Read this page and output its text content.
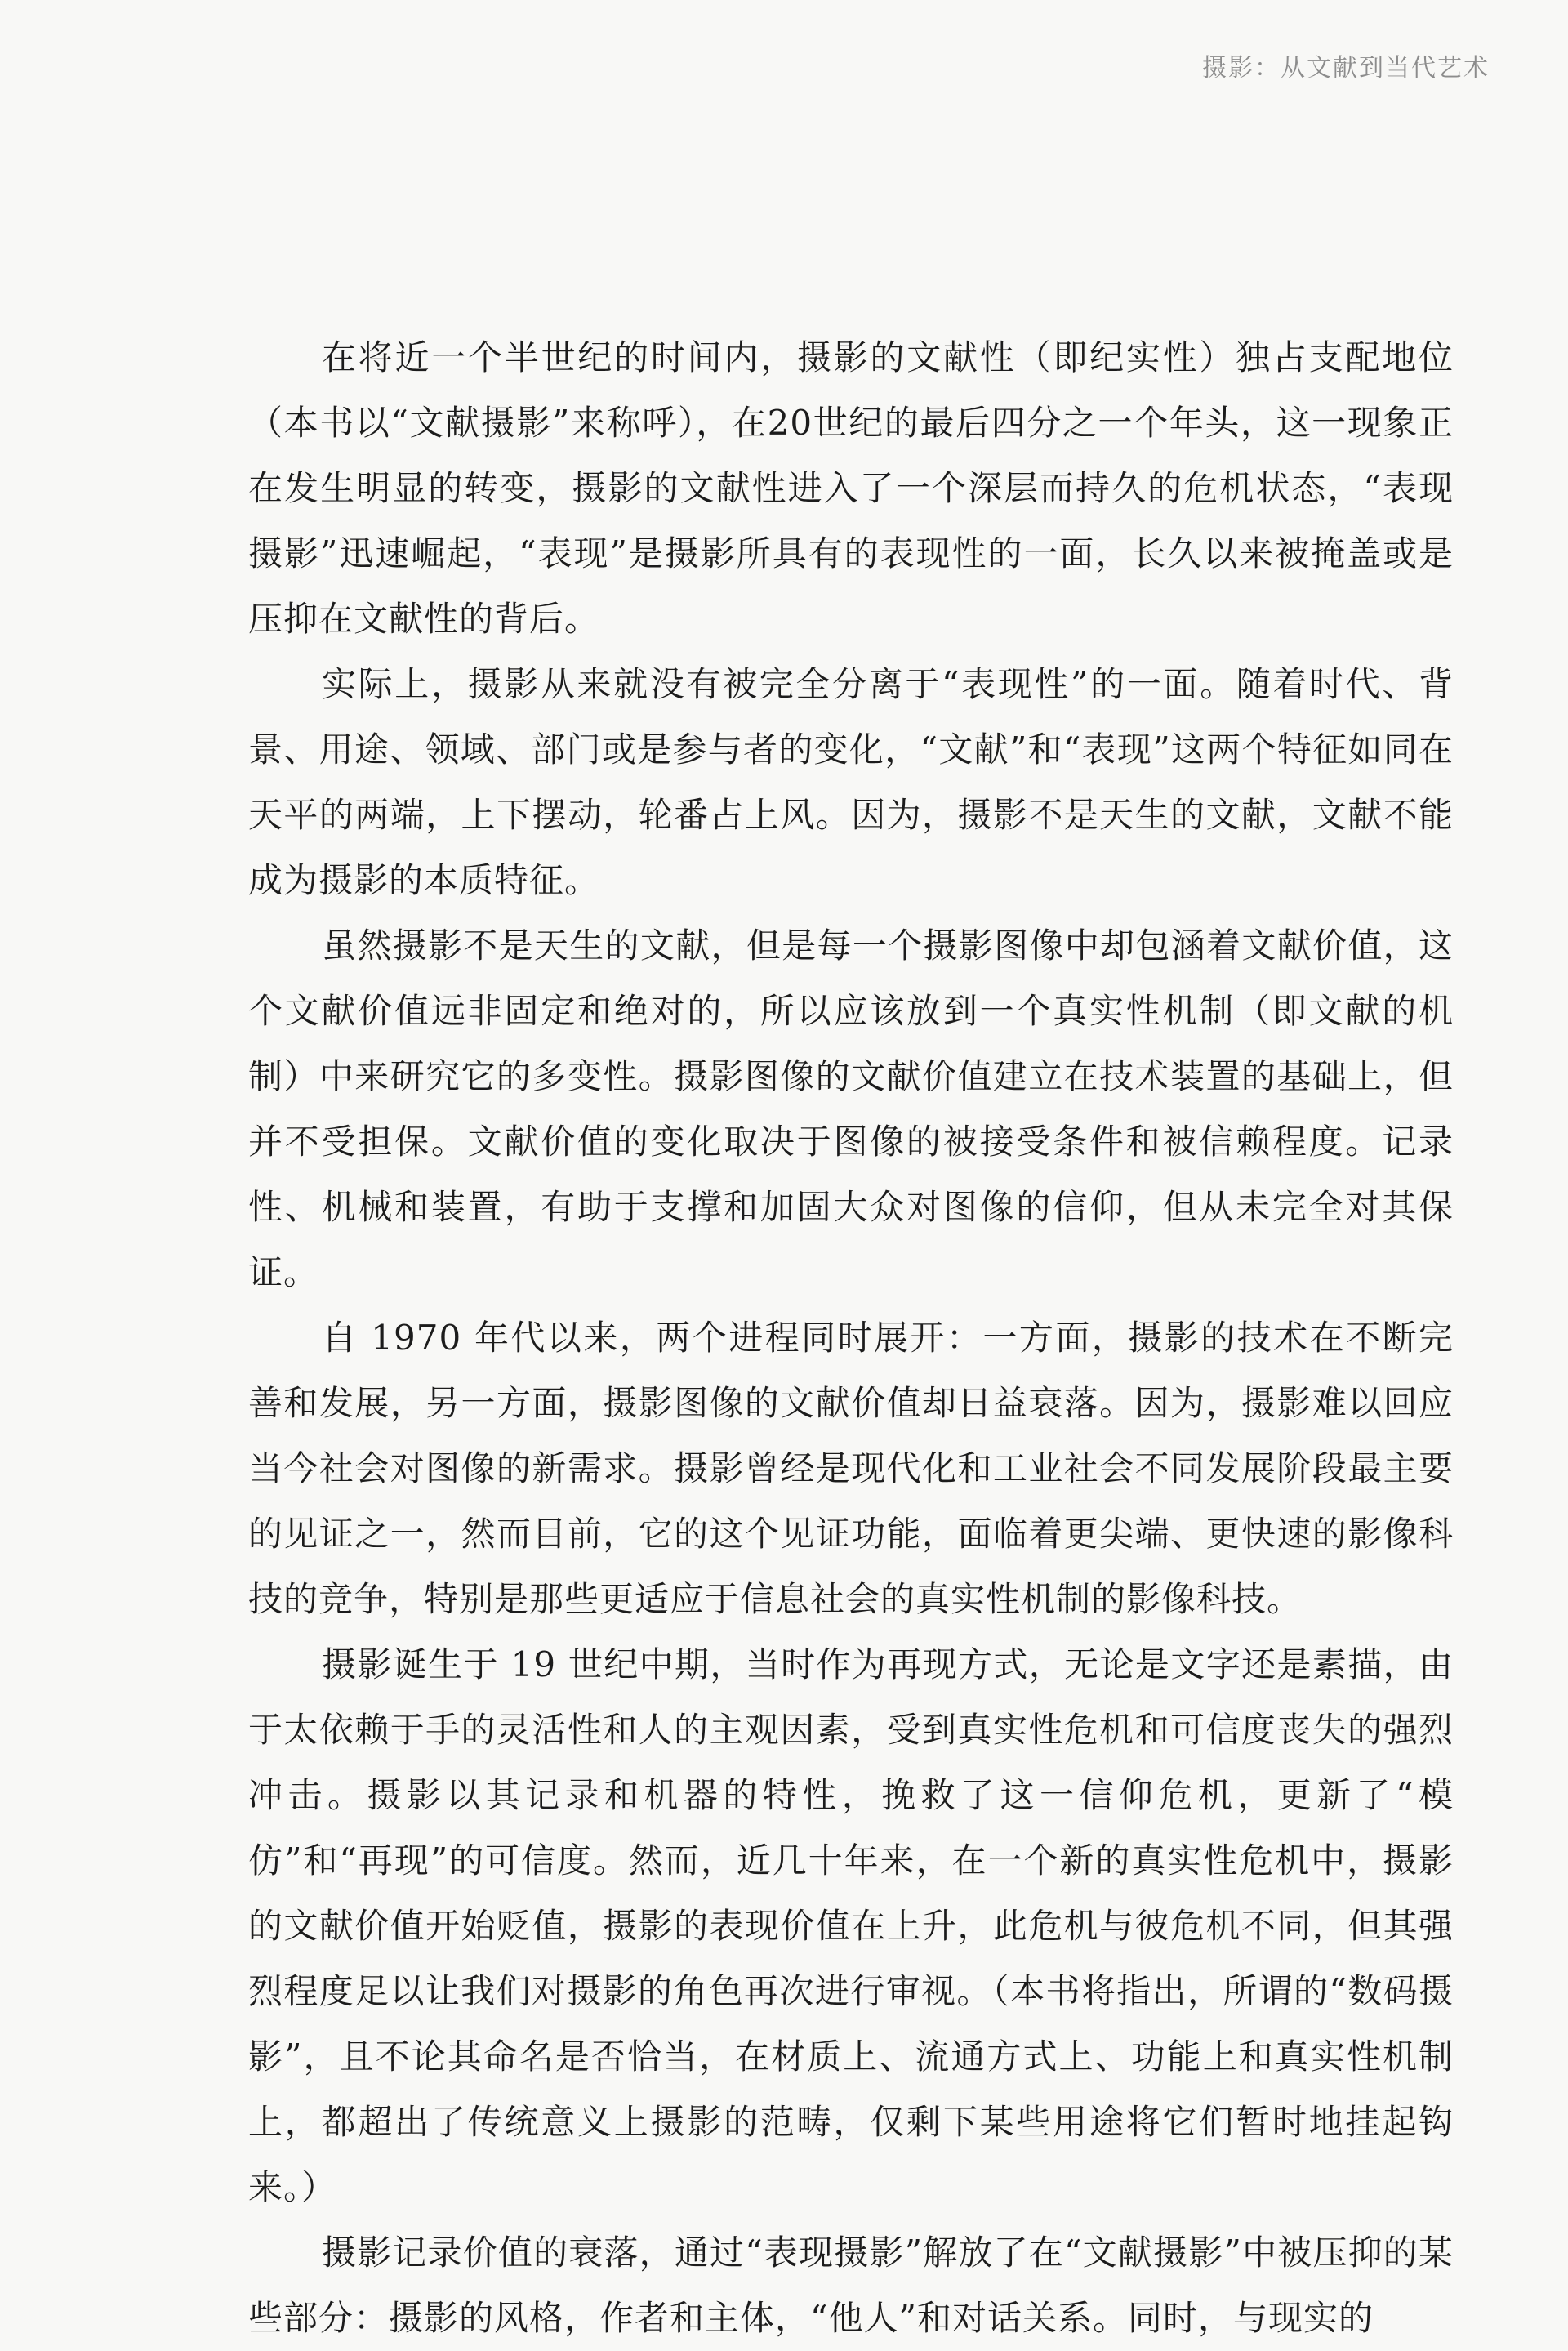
摄影：从文献到当代艺术

在将近一个半世纪的时间内，摄影的文献性（即纪实性）独占支配地位（本书以“文献摄影”来称呼），在20世纪的最后四分之一个年头，这一现象正在发生明显的转变，摄影的文献性进入了一个深层而持久的危机状态，“表现摄影”迅速崛起，“表现”是摄影所具有的表现性的一面，长久以来被掩盖或是压抑在文献性的背后。

实际上，摄影从来就没有被完全分离于“表现性”的一面。随着时代、背景、用途、领域、部门或是参与者的变化，“文献”和“表现”这两个特征如同在天平的两端，上下摆动，轮番占上风。因为，摄影不是天生的文献，文献不能成为摄影的本质特征。

虽然摄影不是天生的文献，但是每一个摄影图像中却包涵着文献价值，这个文献价值远非固定和绝对的，所以应该放到一个真实性机制（即文献的机制）中来研究它的多变性。摄影图像的文献价值建立在技术装置的基础上，但并不受担保。文献价值的变化取决于图像的被接受条件和被信赖程度。记录性、机械和装置，有助于支撑和加固大众对图像的信仰，但从未完全对其保证。

自 1970 年代以来，两个进程同时展开：一方面，摄影的技术在不断完善和发展，另一方面，摄影图像的文献价值却日益衰落。因为，摄影难以回应当今社会对图像的新需求。摄影曾经是现代化和工业社会不同发展阶段最主要的见证之一，然而目前，它的这个见证功能，面临着更尖端、更快速的影像科技的竞争，特别是那些更适应于信息社会的真实性机制的影像科技。

摄影诞生于 19 世纪中期，当时作为再现方式，无论是文字还是素描，由于太依赖于手的灵活性和人的主观因素，受到真实性危机和可信度丧失的强烈冲击。摄影以其记录和机器的特性，挽救了这一信仰危机，更新了“模仿”和“再现”的可信度。然而，近几十年来，在一个新的真实性危机中，摄影的文献价值开始贬值，摄影的表现价值在上升，此危机与彼危机不同，但其强烈程度足以让我们对摄影的角色再次进行审视。（本书将指出，所谓的“数码摄影”，且不论其命名是否恰当，在材质上、流通方式上、功能上和真实性机制上，都超出了传统意义上摄影的范畴，仅剩下某些用途将它们暂时地挂起钩来。）

摄影记录价值的衰落，通过“表现摄影”解放了在“文献摄影”中被压抑的某些部分：摄影的风格，作者和主体，“他人”和对话关系。同时，与现实的
